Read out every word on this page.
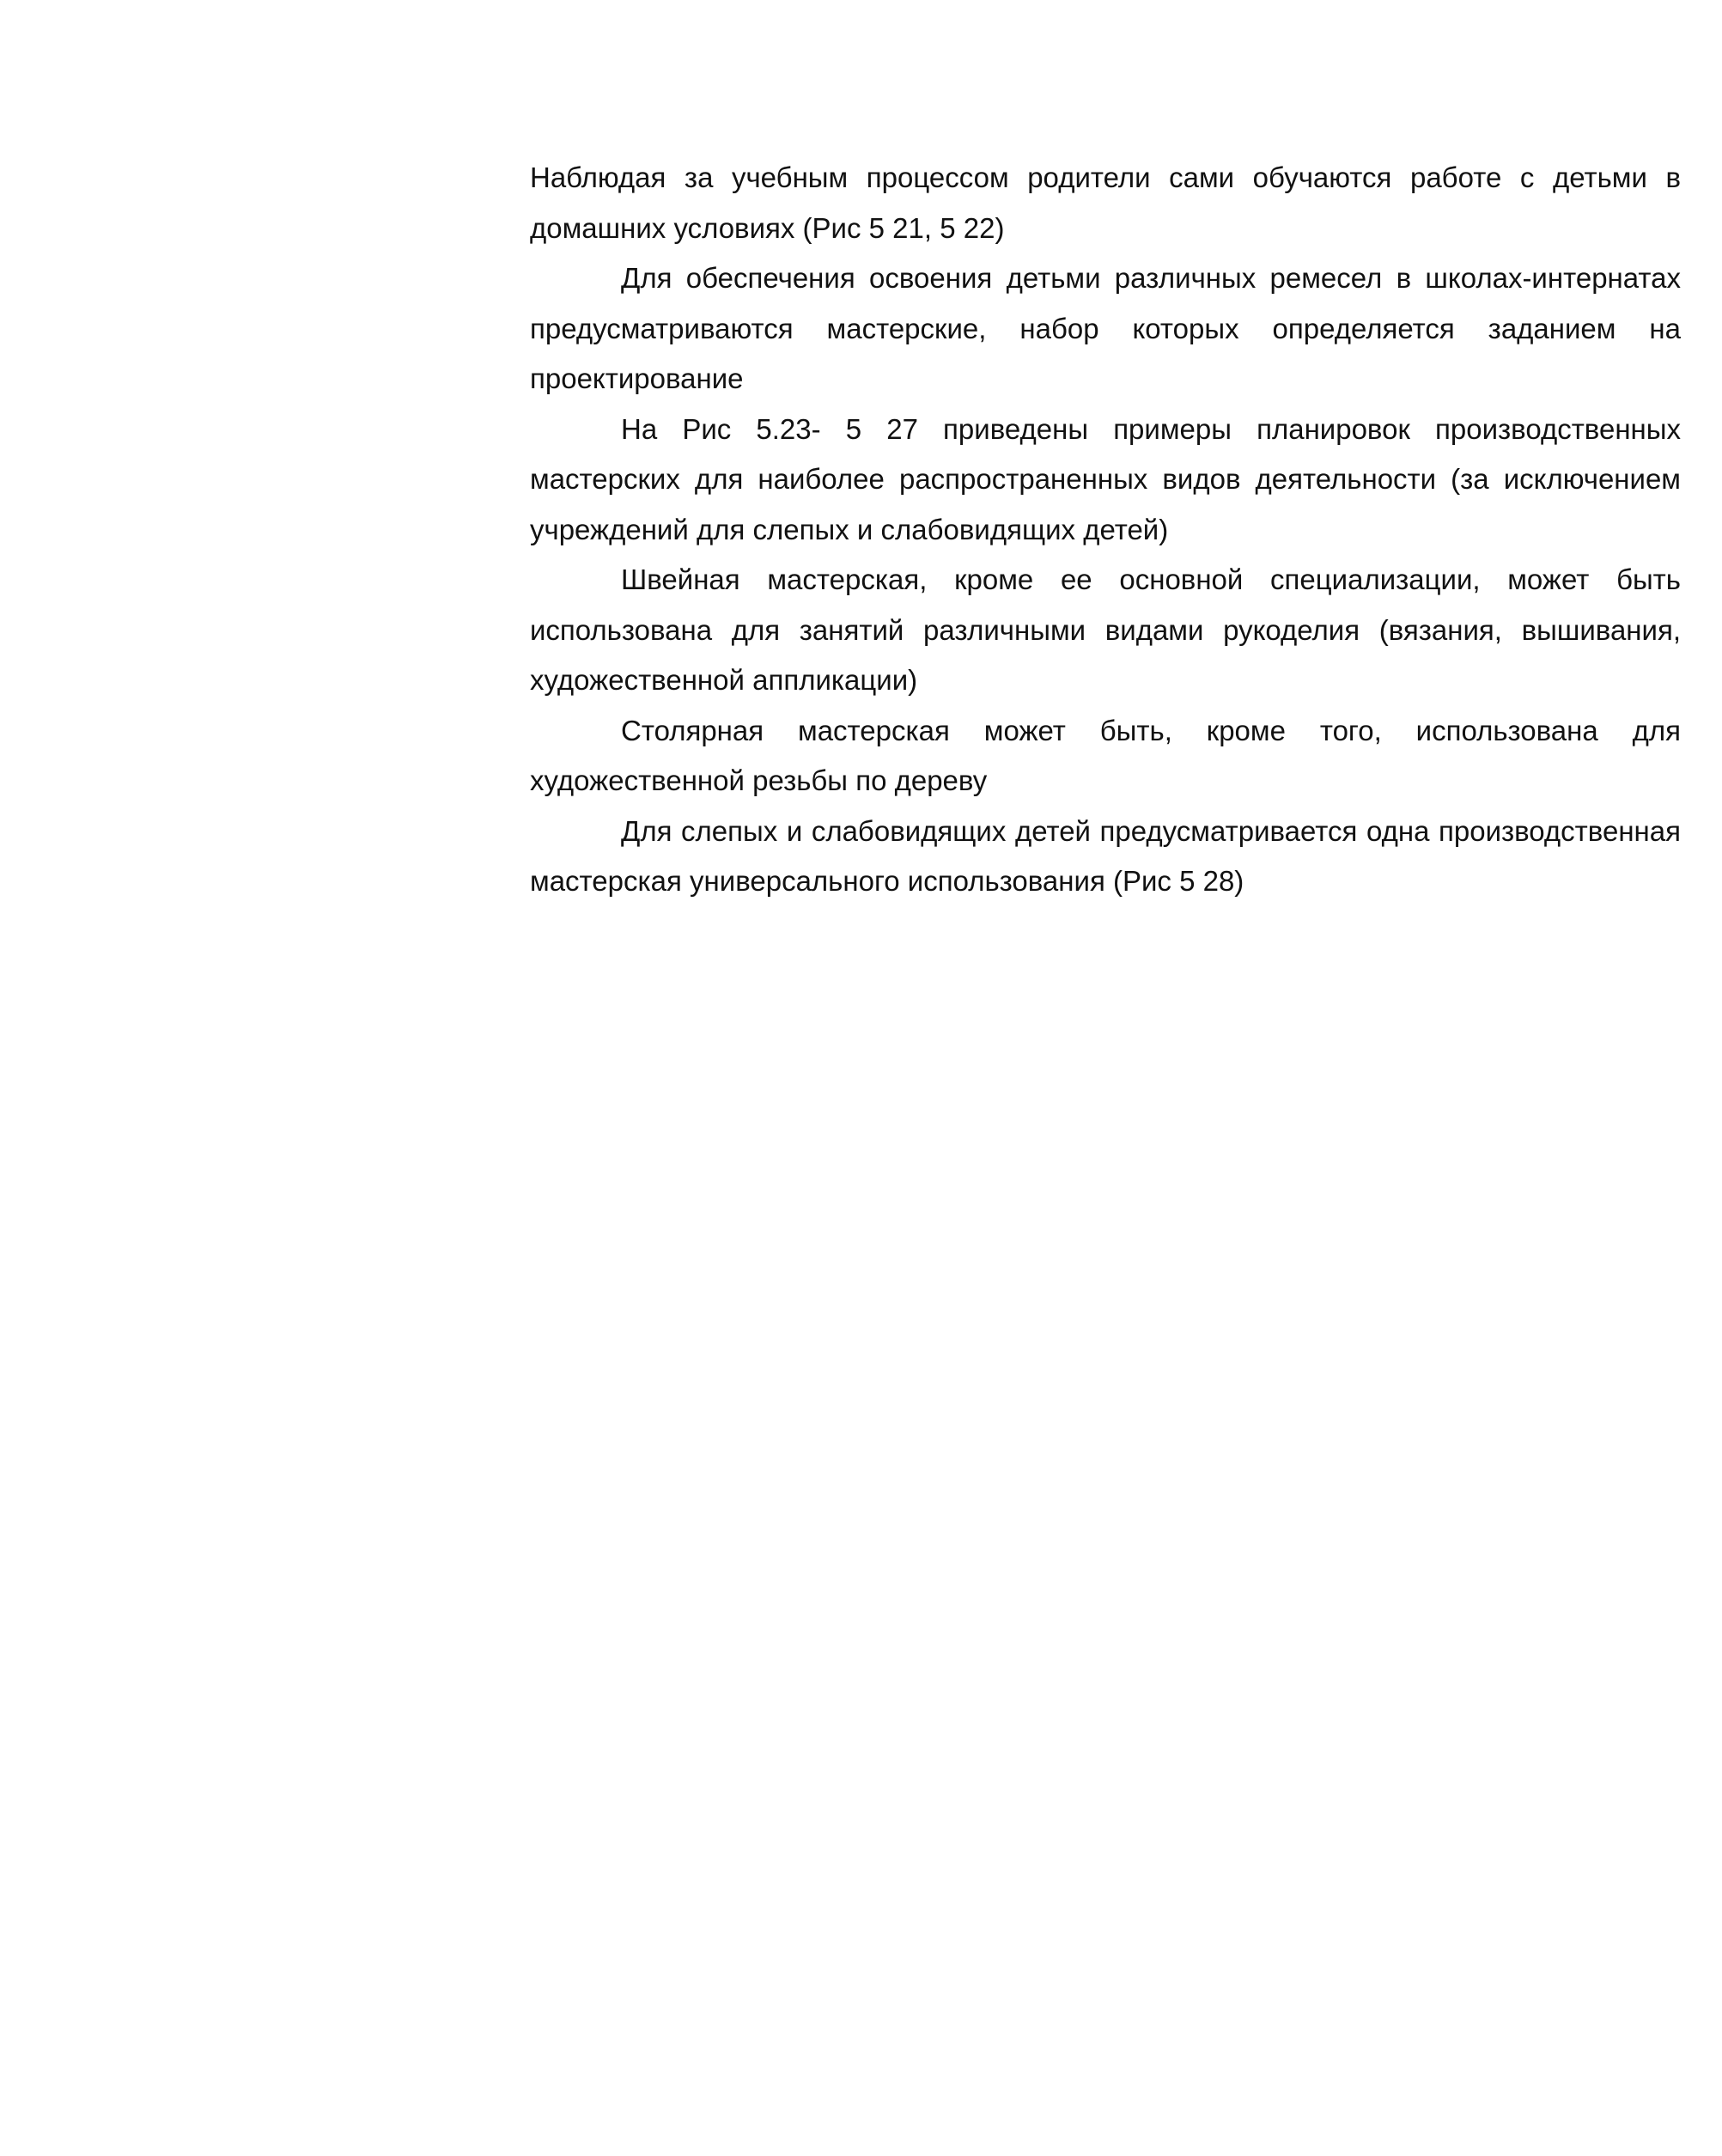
Наблюдая за учебным процессом родители сами обучаются работе с детьми в домашних условиях (Рис 5 21, 5 22)

Для обеспечения освоения детьми различных ремесел в школах-интернатах предусматриваются мастерские, набор которых определяется заданием на проектирование

На Рис 5.23- 5 27 приведены примеры планировок производственных мастерских для наиболее распространенных видов деятельности (за исключением учреждений для слепых и слабовидящих детей)

Швейная мастерская, кроме ее основной специализации, может быть использована для занятий различными видами рукоделия (вязания, вышивания, художественной аппликации)

Столярная мастерская может быть, кроме того, использована для художественной резьбы по дереву

Для слепых и слабовидящих детей предусматривается одна производственная мастерская универсального использования (Рис 5 28)
